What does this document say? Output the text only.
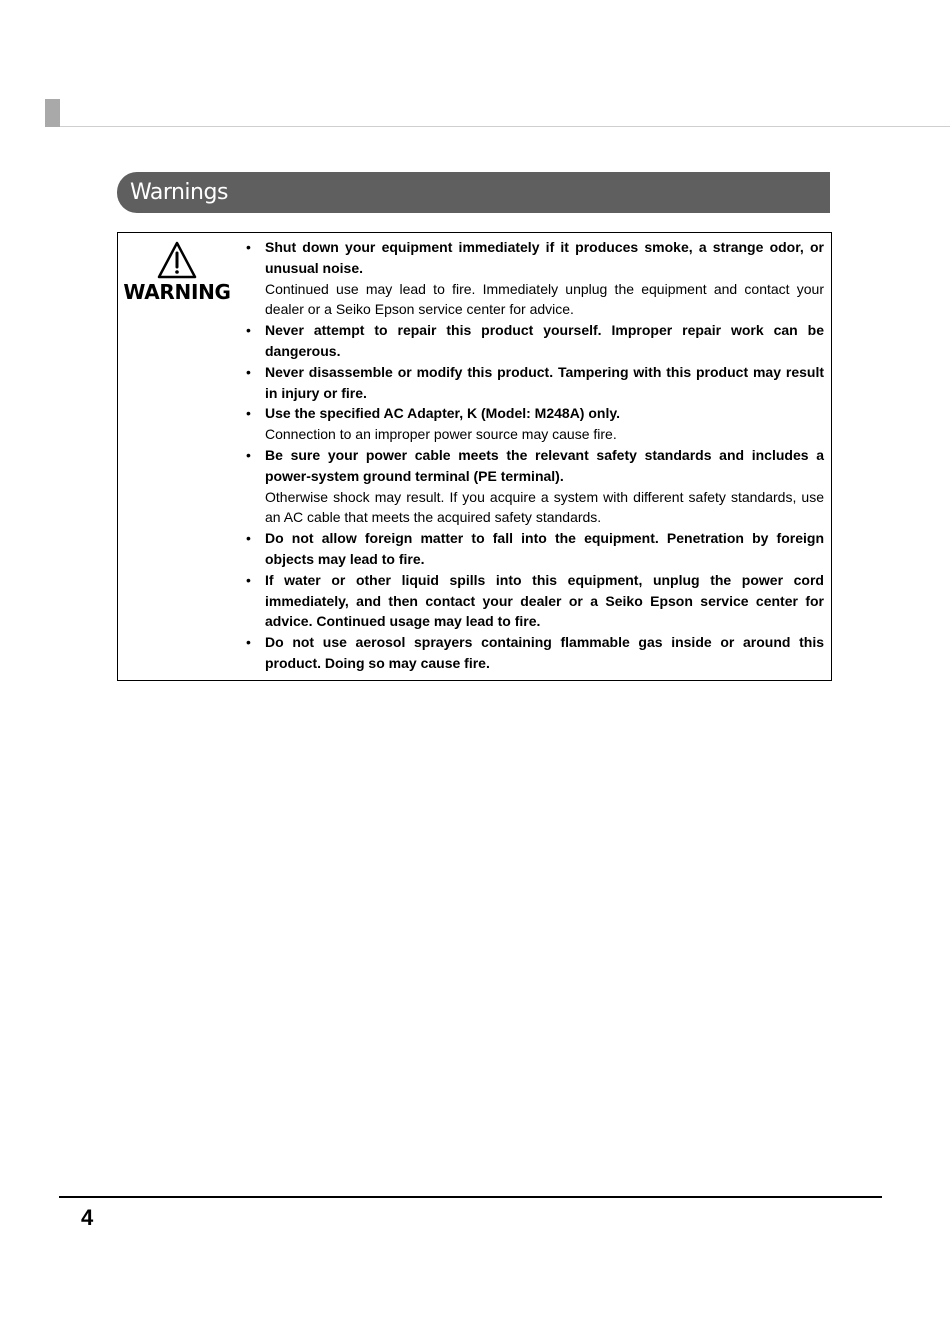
Warnings
WARNING
• Shut down your equipment immediately if it produces smoke, a strange odor, or unusual noise.
Continued use may lead to fire. Immediately unplug the equipment and contact your dealer or a Seiko Epson service center for advice.
• Never attempt to repair this product yourself. Improper repair work can be dangerous.
• Never disassemble or modify this product. Tampering with this product may result in injury or fire.
• Use the specified AC Adapter, K (Model: M248A) only.
Connection to an improper power source may cause fire.
• Be sure your power cable meets the relevant safety standards and includes a power-system ground terminal (PE terminal).
Otherwise shock may result. If you acquire a system with different safety standards, use an AC cable that meets the acquired safety standards.
• Do not allow foreign matter to fall into the equipment. Penetration by foreign objects may lead to fire.
• If water or other liquid spills into this equipment, unplug the power cord immediately, and then contact your dealer or a Seiko Epson service center for advice. Continued usage may lead to fire.
• Do not use aerosol sprayers containing flammable gas inside or around this product. Doing so may cause fire.
4
